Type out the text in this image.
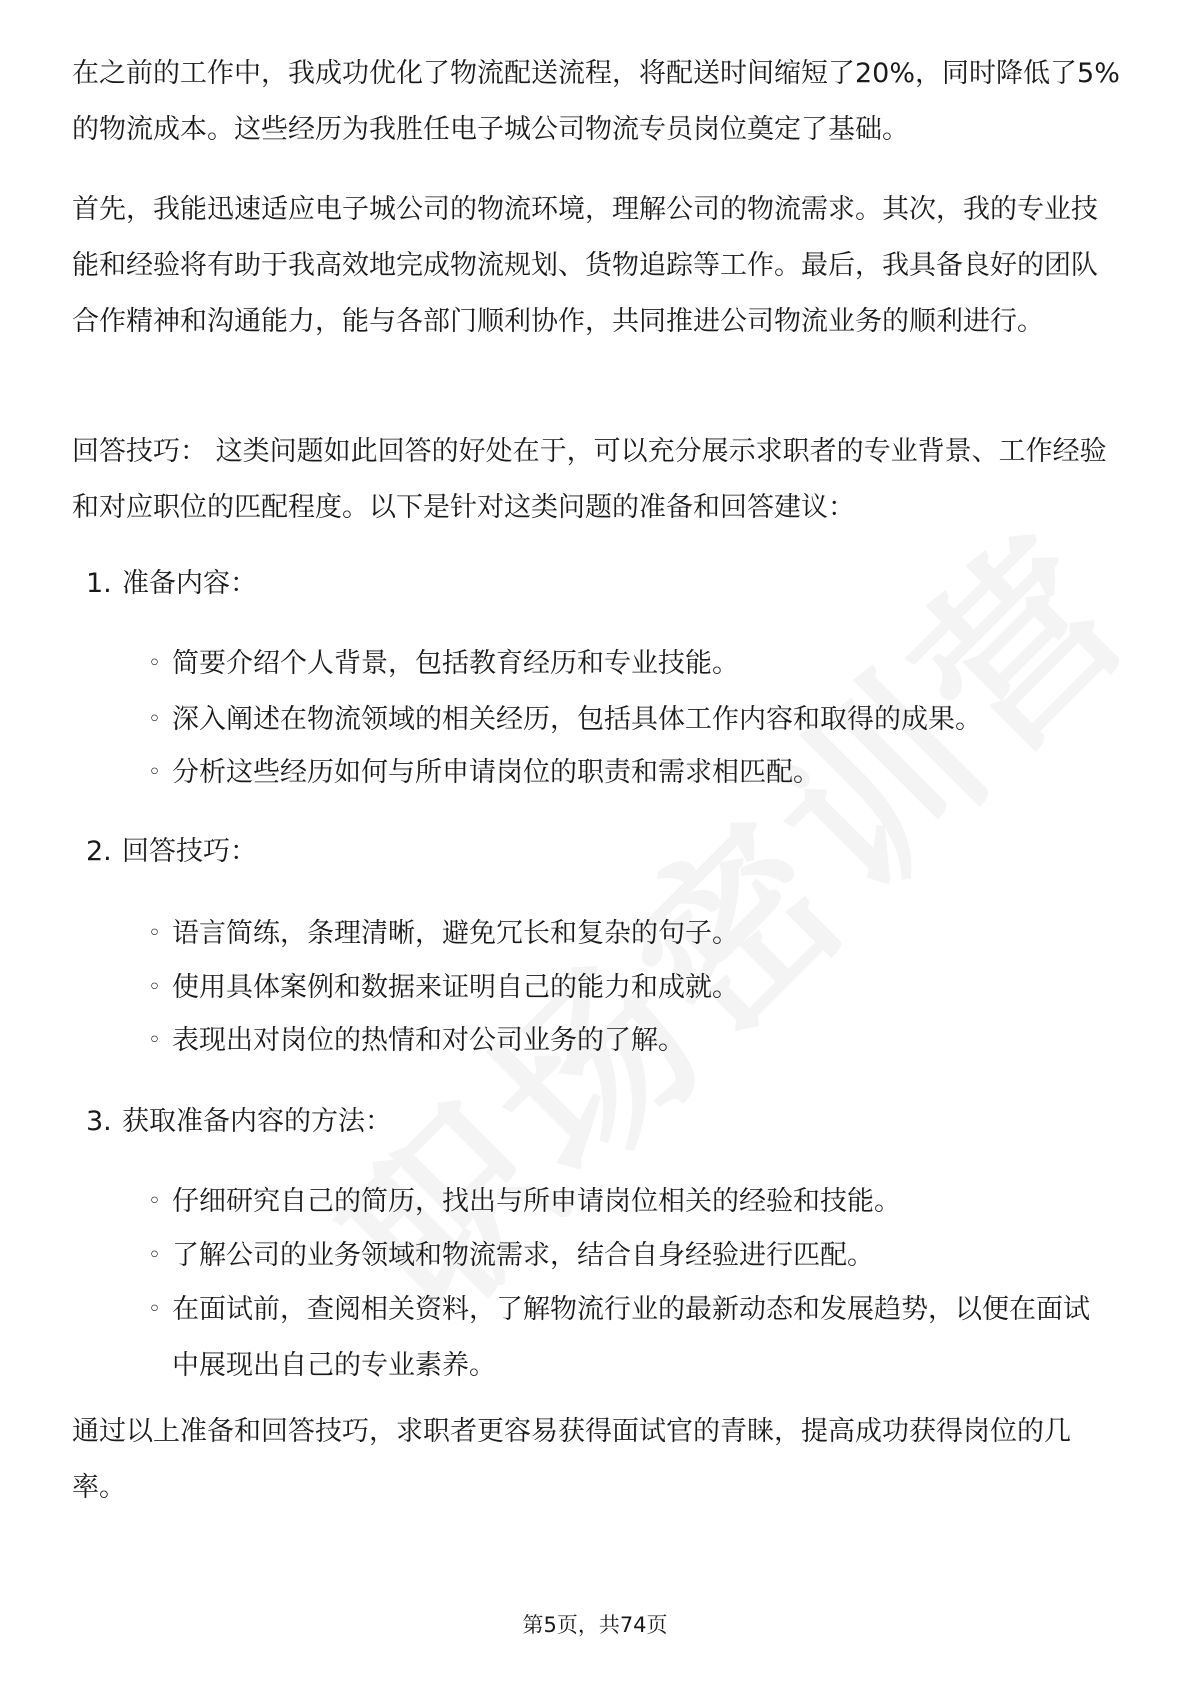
在之前的工作中，我成功优化了物流配送流程，将配送时间缩短了20%，同时降低了5%的物流成本。这些经历为我胜任电子城公司物流专员岗位奠定了基础。

首先，我能迅速适应电子城公司的物流环境，理解公司的物流需求。其次，我的专业技能和经验将有助于我高效地完成物流规划、货物追踪等工作。最后，我具备良好的团队合作精神和沟通能力，能与各部门顺利协作，共同推进公司物流业务的顺利进行。

回答技巧： 这类问题如此回答的好处在于，可以充分展示求职者的专业背景、工作经验和对应职位的匹配程度。以下是针对这类问题的准备和回答建议：

1. 准备内容：
◦ 简要介绍个人背景，包括教育经历和专业技能。
◦ 深入阐述在物流领域的相关经历，包括具体工作内容和取得的成果。
◦ 分析这些经历如何与所申请岗位的职责和需求相匹配。
2. 回答技巧：
◦ 语言简练，条理清晰，避免冗长和复杂的句子。
◦ 使用具体案例和数据来证明自己的能力和成就。
◦ 表现出对岗位的热情和对公司业务的了解。
3. 获取准备内容的方法：
◦ 仔细研究自己的简历，找出与所申请岗位相关的经验和技能。
◦ 了解公司的业务领域和物流需求，结合自身经验进行匹配。
◦ 在面试前，查阅相关资料，了解物流行业的最新动态和发展趋势，以便在面试中展现出自己的专业素养。

通过以上准备和回答技巧，求职者更容易获得面试官的青睐，提高成功获得岗位的几率。

第5页，共74页
